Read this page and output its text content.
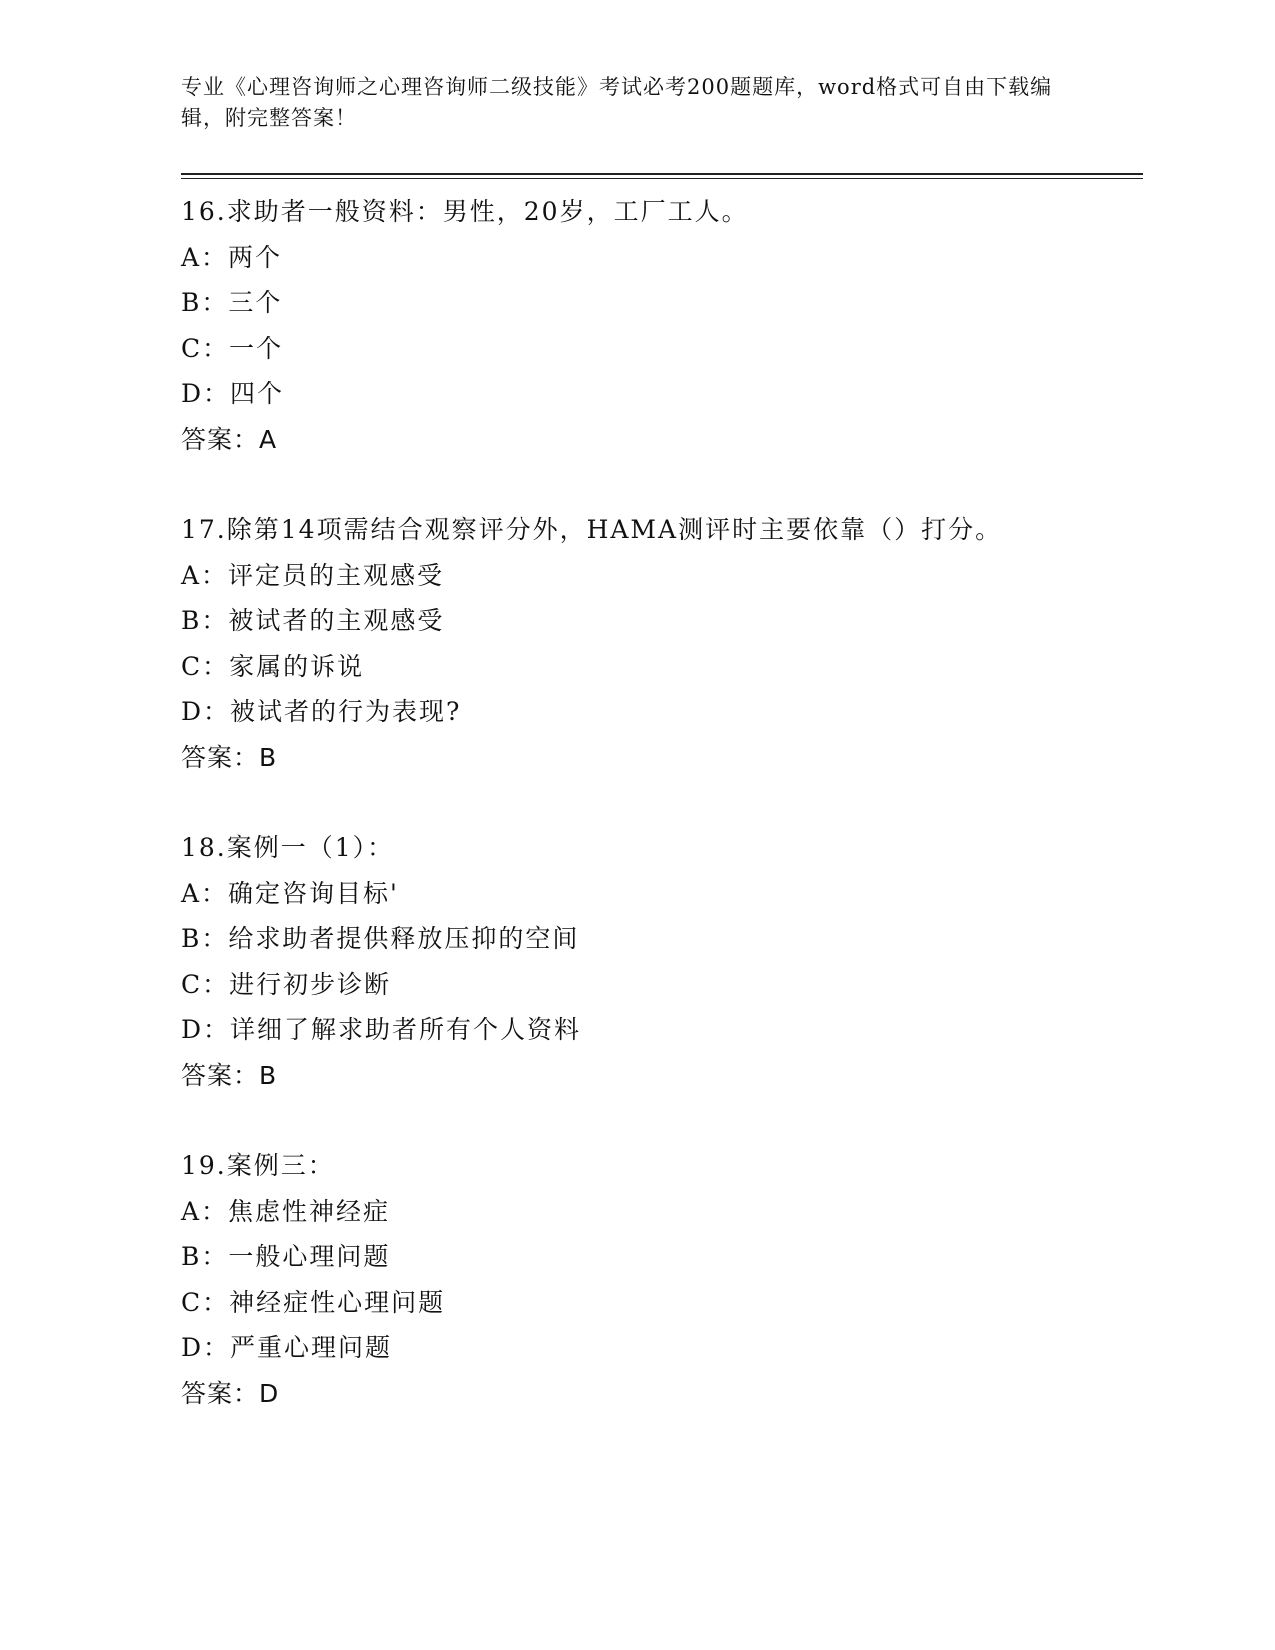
专业《心理咨询师之心理咨询师二级技能》考试必考200题题库，word格式可自由下载编辑，附完整答案！
16.求助者一般资料：男性，20岁，工厂工人。
A：两个
B：三个
C：一个
D：四个
答案：A
17.除第14项需结合观察评分外，HAMA测评时主要依靠（）打分。
A：评定员的主观感受
B：被试者的主观感受
C：家属的诉说
D：被试者的行为表现?
答案：B
18.案例一（1）：
A：确定咨询目标'
B：给求助者提供释放压抑的空间
C：进行初步诊断
D：详细了解求助者所有个人资料
答案：B
19.案例三：
A：焦虑性神经症
B：一般心理问题
C：神经症性心理问题
D：严重心理问题
答案：D
